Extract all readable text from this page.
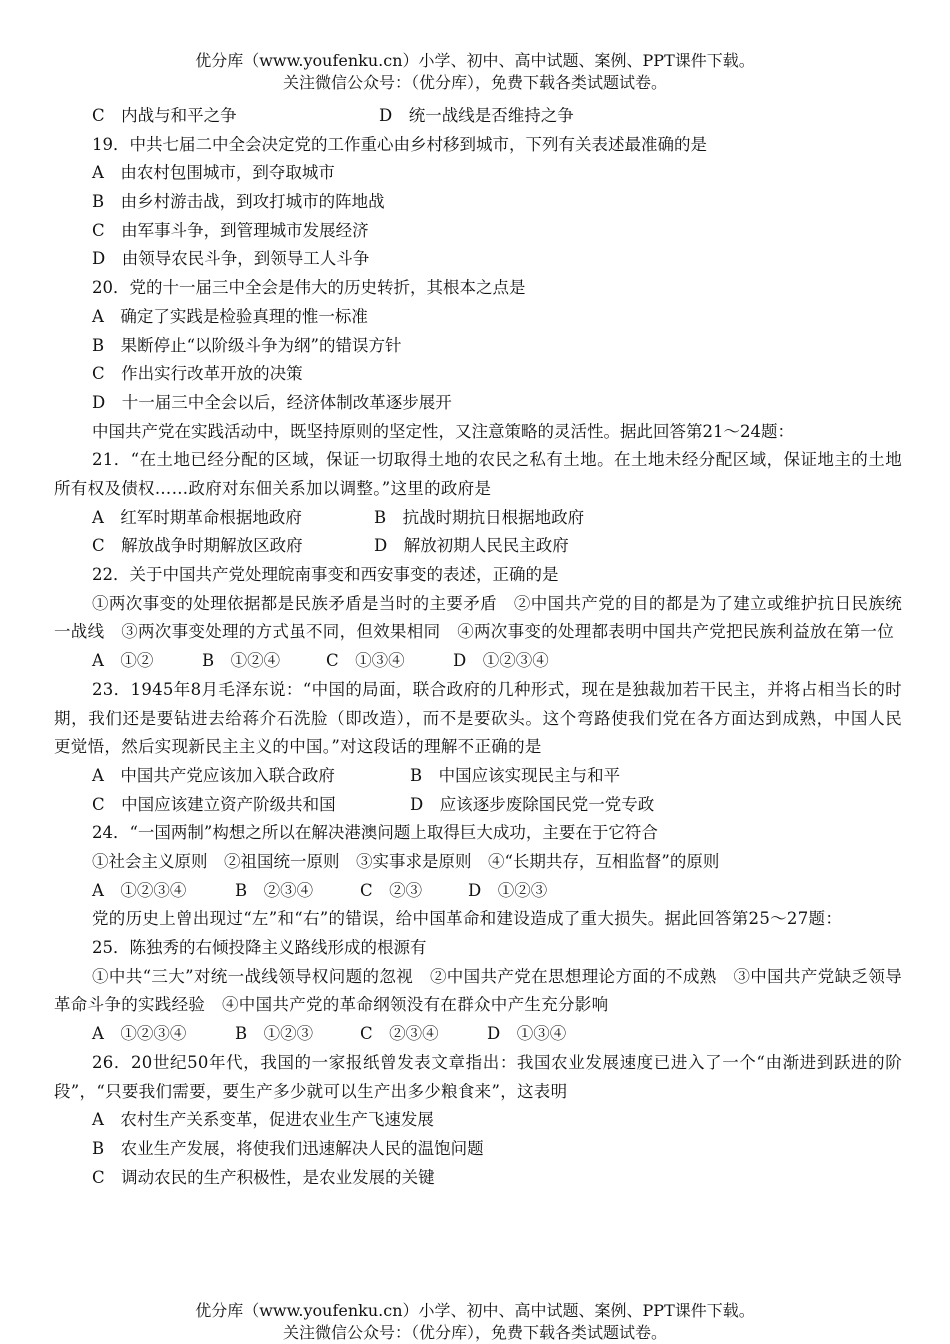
优分库（www.youfenku.cn）小学、初中、高中试题、案例、PPT课件下载。
关注微信公众号：（优分库），免费下载各类试题试卷。
C　内战与和平之争	D　统一战线是否维持之争
19．中共七届二中全会决定党的工作重心由乡村移到城市，下列有关表述最准确的是
A　由农村包围城市，到夺取城市
B　由乡村游击战，到攻打城市的阵地战
C　由军事斗争，到管理城市发展经济
D　由领导农民斗争，到领导工人斗争
20．党的十一届三中全会是伟大的历史转折，其根本之点是
A　确定了实践是检验真理的惟一标准
B　果断停止“以阶级斗争为纲”的错误方针
C　作出实行改革开放的决策
D　十一届三中全会以后，经济体制改革逐步展开
中国共产党在实践活动中，既坚持原则的坚定性，又注意策略的灵活性。据此回答第21～24题：
21．“在土地已经分配的区域，保证一切取得土地的农民之私有土地。在土地未经分配区域，保证地主的土地所有权及债权……政府对东佃关系加以调整。”这里的政府是
A　红军时期革命根据地政府	B　抗战时期抗日根据地政府
C　解放战争时期解放区政府	D　解放初期人民民主政府
22．关于中国共产党处理皖南事变和西安事变的表述，正确的是
①两次事变的处理依据都是民族矛盾是当时的主要矛盾　②中国共产党的目的都是为了建立或维护抗日民族统一战线　③两次事变处理的方式虽不同，但效果相同　④两次事变的处理都表明中国共产党把民族利益放在第一位
A　①②	B　①②④	C　①③④	D　①②③④
23．1945年8月毛泽东说：“中国的局面，联合政府的几种形式，现在是独裁加若干民主，并将占相当长的时期，我们还是要钻进去给蒋介石洗脸（即改造），而不是要砍头。这个弯路使我们党在各方面达到成熟，中国人民更觉悟，然后实现新民主主义的中国。”对这段话的理解不正确的是
A　中国共产党应该加入联合政府	B　中国应该实现民主与和平
C　中国应该建立资产阶级共和国	D　应该逐步废除国民党一党专政
24．“一国两制”构想之所以在解决港澳问题上取得巨大成功，主要在于它符合
①社会主义原则　②祖国统一原则　③实事求是原则　④“长期共存，互相监督”的原则
A　①②③④	B　②③④	C　②③	D　①②③
党的历史上曾出现过“左”和“右”的错误，给中国革命和建设造成了重大损失。据此回答第25～27题：
25．陈独秀的右倾投降主义路线形成的根源有
①中共“三大”对统一战线领导权问题的忽视　②中国共产党在思想理论方面的不成熟　③中国共产党缺乏领导革命斗争的实践经验　④中国共产党的革命纲领没有在群众中产生充分影响
A　①②③④	B　①②③	C　②③④	D　①③④
26．20世纪50年代，我国的一家报纸曾发表文章指出：我国农业发展速度已进入了一个“由渐进到跃进的阶段”，“只要我们需要，要生产多少就可以生产出多少粮食来”，这表明
A　农村生产关系变革，促进农业生产飞速发展
B　农业生产发展，将使我们迅速解决人民的温饱问题
C　调动农民的生产积极性，是农业发展的关键
优分库（www.youfenku.cn）小学、初中、高中试题、案例、PPT课件下载。
关注微信公众号：（优分库），免费下载各类试题试卷。
